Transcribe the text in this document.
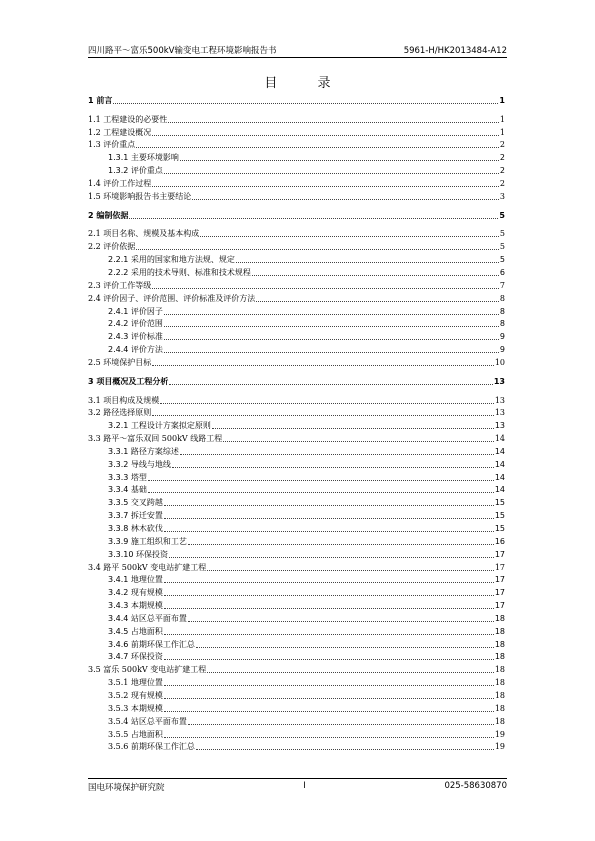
四川路平～富乐500kV输变电工程环境影响报告书	5961-H/HK2013484-A12
目 录
1 前言	1
1.1 工程建设的必要性	1
1.2 工程建设概况	1
1.3 评价重点	2
1.3.1 主要环境影响	2
1.3.2 评价重点	2
1.4 评价工作过程	2
1.5 环境影响报告书主要结论	3
2 编制依据	5
2.1 项目名称、规模及基本构成	5
2.2 评价依据	5
2.2.1 采用的国家和地方法规、规定	5
2.2.2 采用的技术导则、标准和技术规程	6
2.3 评价工作等级	7
2.4 评价因子、评价范围、评价标准及评价方法	8
2.4.1 评价因子	8
2.4.2 评价范围	8
2.4.3 评价标准	9
2.4.4 评价方法	9
2.5 环境保护目标	10
3 项目概况及工程分析	13
3.1 项目构成及规模	13
3.2 路径选择原则	13
3.2.1 工程设计方案拟定原则	13
3.3 路平～富乐双回 500kV 线路工程	14
3.3.1 路径方案综述	14
3.3.2 导线与地线	14
3.3.3 塔型	14
3.3.4 基础	14
3.3.5 交叉跨越	15
3.3.7 拆迁安置	15
3.3.8 林木砍伐	15
3.3.9 施工组织和工艺	16
3.3.10 环保投资	17
3.4 路平 500kV 变电站扩建工程	17
3.4.1 地理位置	17
3.4.2 现有规模	17
3.4.3 本期规模	17
3.4.4 站区总平面布置	18
3.4.5 占地面积	18
3.4.6 前期环保工作汇总	18
3.4.7 环保投资	18
3.5 富乐 500kV 变电站扩建工程	18
3.5.1 地理位置	18
3.5.2 现有规模	18
3.5.3 本期规模	18
3.5.4 站区总平面布置	18
3.5.5 占地面积	19
3.5.6 前期环保工作汇总	19
国电环境保护研究院	I	025-58630870
